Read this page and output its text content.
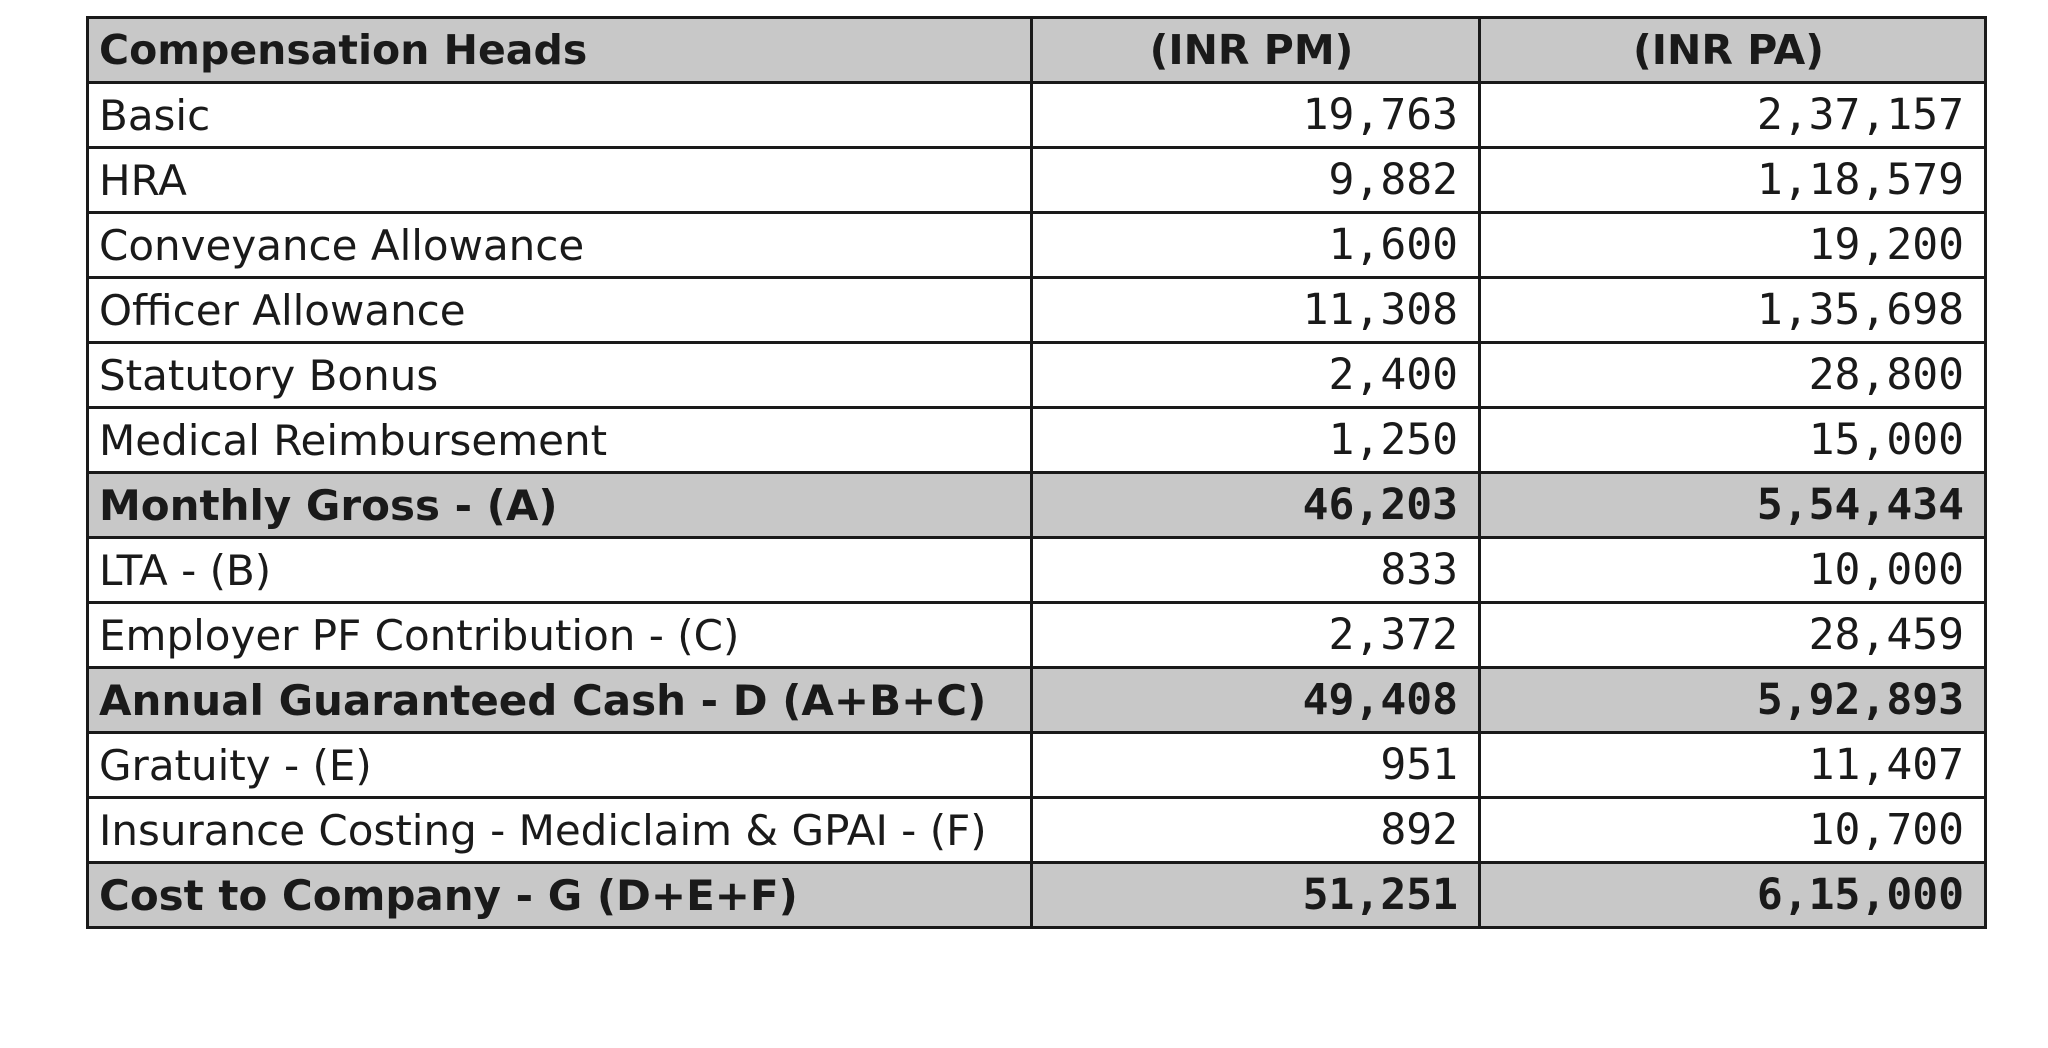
Compensation Heads	(INR PM)	(INR PA)
Basic	19,763	2,37,157
HRA	9,882	1,18,579
Conveyance Allowance	1,600	19,200
Officer Allowance	11,308	1,35,698
Statutory Bonus	2,400	28,800
Medical Reimbursement	1,250	15,000
Monthly Gross - (A)	46,203	5,54,434
LTA - (B)	833	10,000
Employer PF Contribution - (C)	2,372	28,459
Annual Guaranteed Cash - D (A+B+C)	49,408	5,92,893
Gratuity - (E)	951	11,407
Insurance Costing - Mediclaim & GPAI - (F)	892	10,700
Cost to Company - G (D+E+F)	51,251	6,15,000
